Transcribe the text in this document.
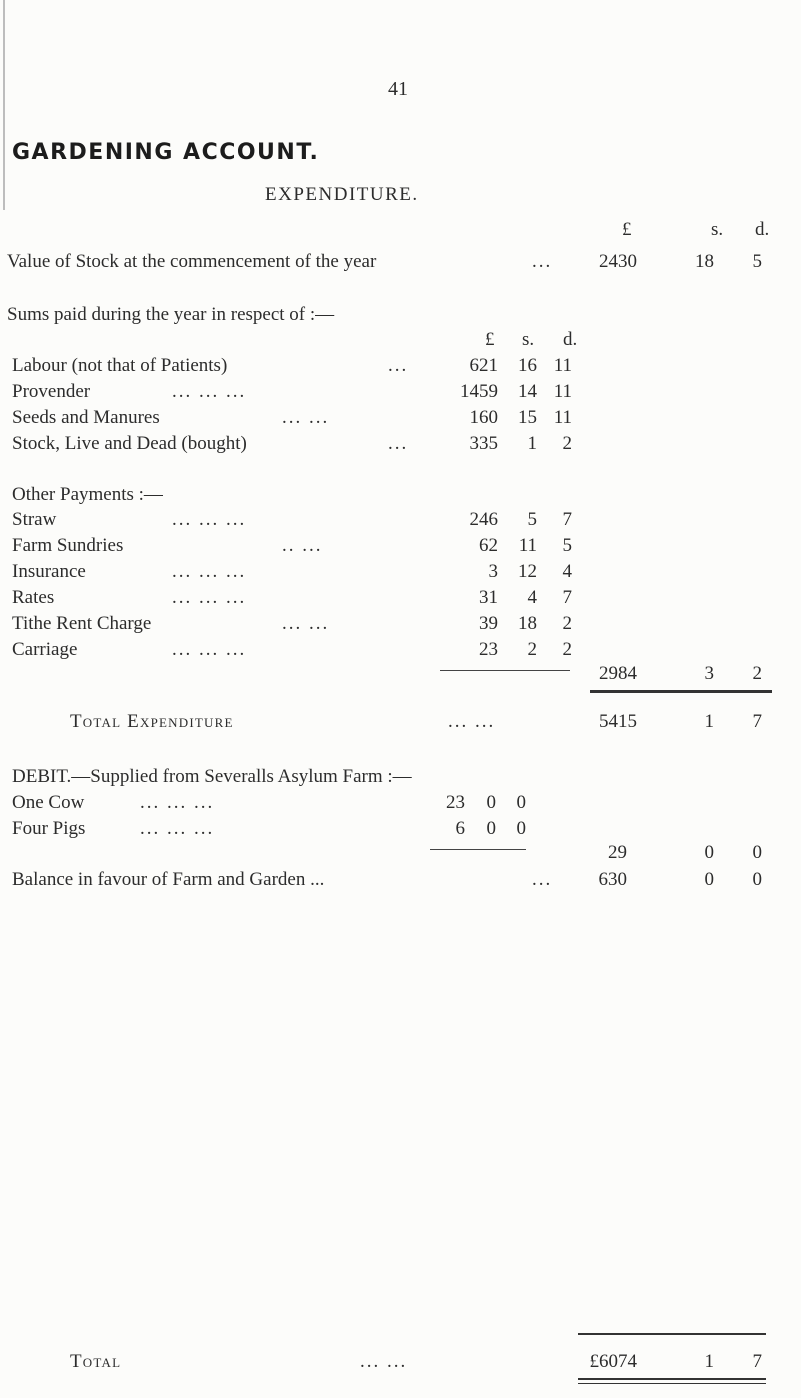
41
GARDENING ACCOUNT.
EXPENDITURE.
£	s. d.
Value of Stock at the commencement of the year	...	2430	18	5
Sums paid during the year in respect of :—
£ s. d.
Labour (not that of Patients)	...	621	16 11
Provender	... ... ...	1459	14 11
Seeds and Manures	... ...	160	15 11
Stock, Live and Dead (bought)	...	335	1	2
Other Payments :—
Straw	... ... ...	246	5	7
Farm Sundries	.. ...	62	11	5
Insurance	... ... ...	3	12	4
Rates	... ... ...	31	4	7
Tithe Rent Charge	... ...	39	18	2
Carriage	... ... ...	23	2	2
2984	3	2
Total Expenditure	... ...	5415	1	7
DEBIT.—Supplied from Severalls Asylum Farm :—
One Cow	... ... ...	23	0	0
Four Pigs	... ... ...	6	0	0
29	0	0
Balance in favour of Farm and Garden ...	...	630	0	0
Total	... ...	£6074	1	7
